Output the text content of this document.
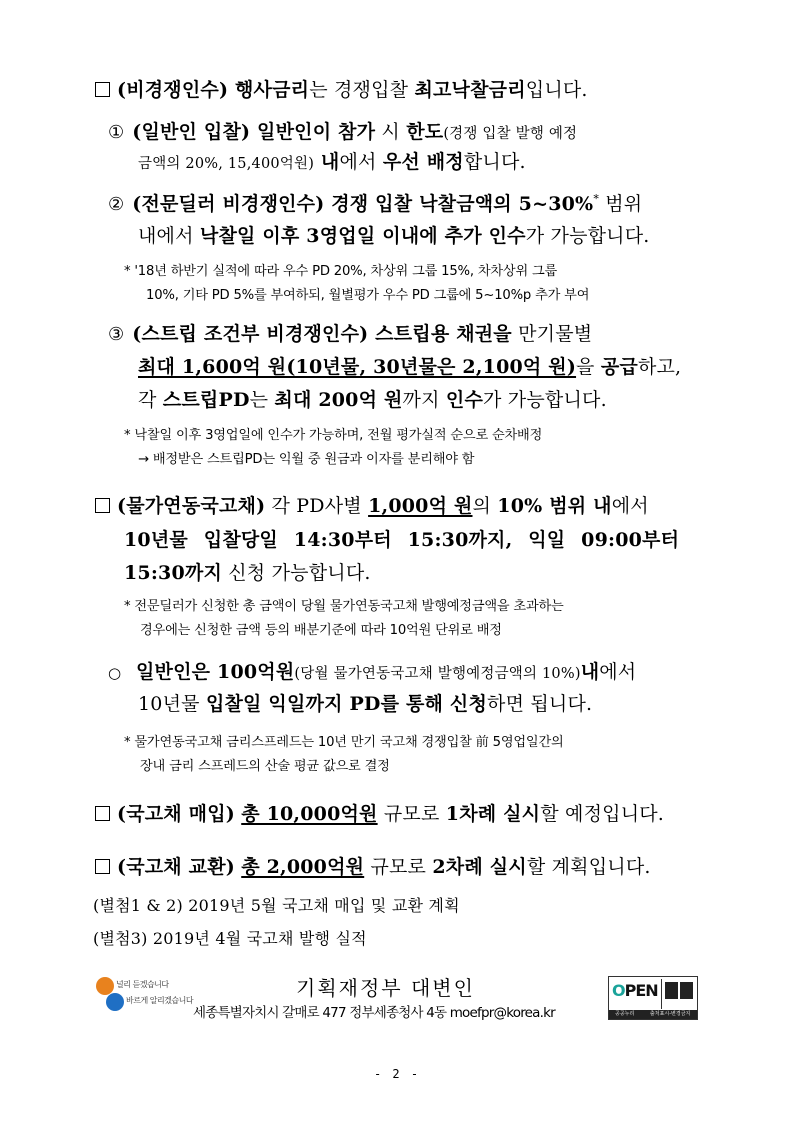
(비경쟁인수) 행사금리는 경쟁입찰 최고낙찰금리입니다.
① (일반인 입찰) 일반인이 참가 시 한도(경쟁 입찰 발행 예정
금액의 20%, 15,400억원) 내에서 우선 배정합니다.
② (전문딜러 비경쟁인수) 경쟁 입찰 낙찰금액의 5~30%* 범위
내에서 낙찰일 이후 3영업일 이내에 추가 인수가 가능합니다.
* '18년 하반기 실적에 따라 우수 PD 20%, 차상위 그룹 15%, 차차상위 그룹
10%, 기타 PD 5%를 부여하되, 월별평가 우수 PD 그룹에 5~10%p 추가 부여
③ (스트립 조건부 비경쟁인수) 스트립용 채권을 만기물별
최대 1,600억 원(10년물, 30년물은 2,100억 원)을 공급하고,
각 스트립PD는 최대 200억 원까지 인수가 가능합니다.
* 낙찰일 이후 3영업일에 인수가 가능하며, 전월 평가실적 순으로 순차배정
→ 배정받은 스트립PD는 익월 중 원금과 이자를 분리해야 함
(물가연동국고채) 각 PD사별 1,000억 원의 10% 범위 내에서
10년물 입찰당일 14:30부터 15:30까지, 익일 09:00부터
15:30까지 신청 가능합니다.
* 전문딜러가 신청한 총 금액이 당월 물가연동국고채 발행예정금액을 초과하는
경우에는 신청한 금액 등의 배분기준에 따라 10억원 단위로 배정
○ 일반인은 100억원(당월 물가연동국고채 발행예정금액의 10%)내에서
10년물 입찰일 익일까지 PD를 통해 신청하면 됩니다.
* 물가연동국고채 금리스프레드는 10년 만기 국고채 경쟁입찰 前 5영업일간의
장내 금리 스프레드의 산술 평균 값으로 결정
(국고채 매입) 총 10,000억원 규모로 1차례 실시할 예정입니다.
(국고채 교환) 총 2,000억원 규모로 2차례 실시할 계획입니다.
(별첨1 & 2) 2019년 5월 국고채 매입 및 교환 계획
(별첨3) 2019년 4월 국고채 발행 실적
널리 듣겠습니다
바르게 알리겠습니다
기획재정부 대변인
세종특별자치시 갈매로 477 정부세종청사 4동 moefpr@korea.kr
OPEN
공공누리	출처표시-변경금지
- 2 -
